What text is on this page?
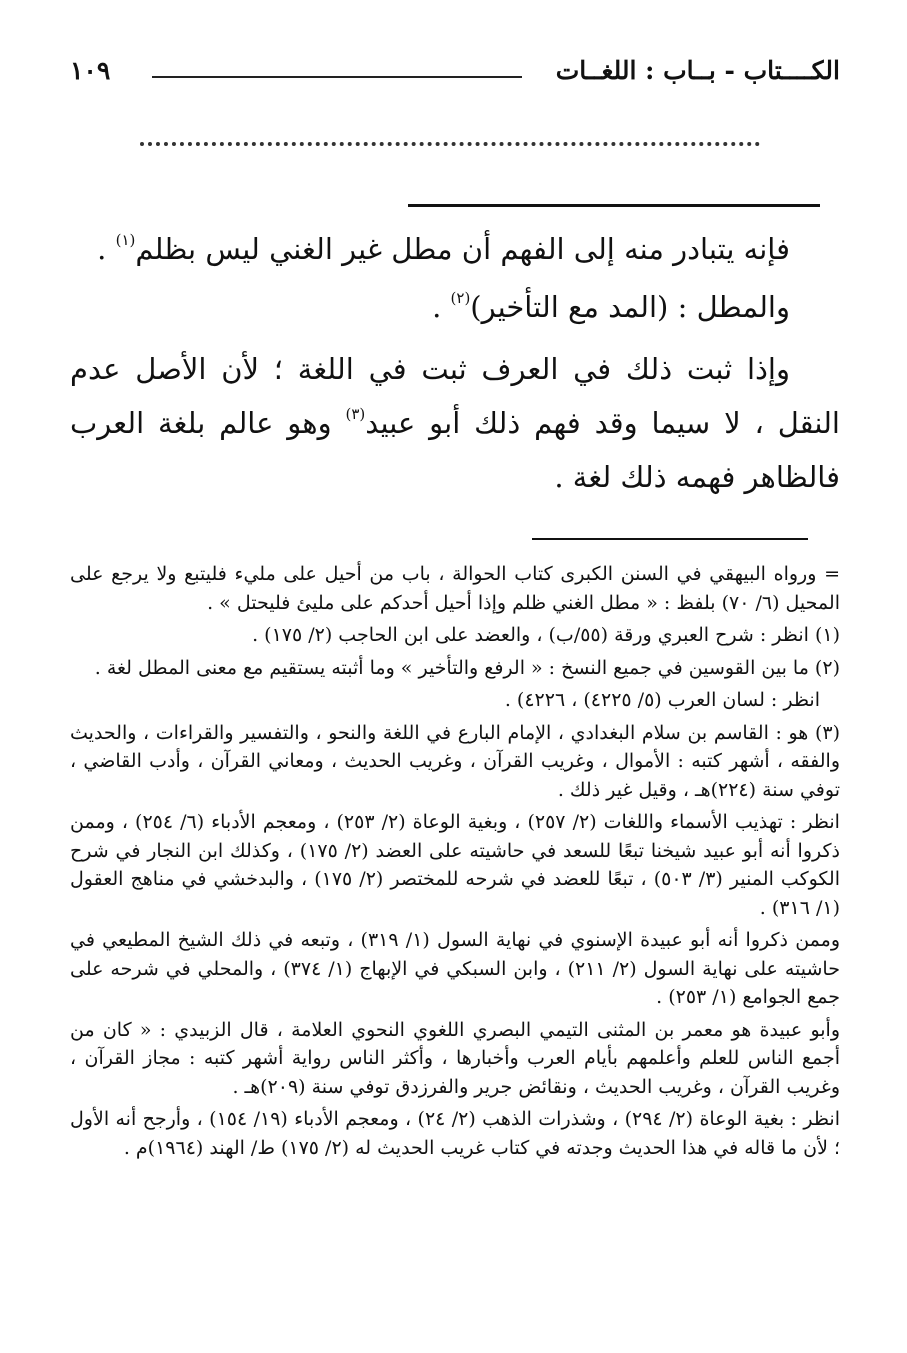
الكــــتاب - بــاب : اللغــات
١٠٩

فإنه يتبادر منه إلى الفهم أن مطل غير الغني ليس بظلم$^{(١)}$ .

والمطل : (المد مع التأخير)$^{(٢)}$ .

وإذا ثبت ذلك في العرف ثبت في اللغة ؛ لأن الأصل عدم النقل ، لا سيما وقد فهم ذلك أبو عبيد$^{(٣)}$ وهو عالم بلغة العرب فالظاهر فهمه ذلك لغة .

= ورواه البيهقي في السنن الكبرى كتاب الحوالة ، باب من أحيل على مليء فليتبع ولا يرجع على المحيل (٦/ ٧٠) بلفظ : « مطل الغني ظلم وإذا أحيل أحدكم على مليئ فليحتل » .

(١) انظر : شرح العبري ورقة (٥٥/ب) ، والعضد على ابن الحاجب (٢/ ١٧٥) .

(٢) ما بين القوسين في جميع النسخ : « الرفع والتأخير » وما أثبته يستقيم مع معنى المطل لغة .

انظر : لسان العرب (٥/ ٤٢٢٥) ، ٤٢٢٦) .

(٣) هو : القاسم بن سلام البغدادي ، الإمام البارع في اللغة والنحو ، والتفسير والقراءات ، والحديث والفقه ، أشهر كتبه : الأموال ، وغريب القرآن ، وغريب الحديث ، ومعاني القرآن ، وأدب القاضي ، توفي سنة (٢٢٤)هـ ، وقيل غير ذلك .

انظر : تهذيب الأسماء واللغات (٢/ ٢٥٧) ، وبغية الوعاة (٢/ ٢٥٣) ، ومعجم الأدباء (٦/ ٢٥٤) ، وممن ذكروا أنه أبو عبيد شيخنا تبعًا للسعد في حاشيته على العضد (٢/ ١٧٥) ، وكذلك ابن النجار في شرح الكوكب المنير (٣/ ٥٠٣) ، تبعًا للعضد في شرحه للمختصر (٢/ ١٧٥) ، والبدخشي في مناهج العقول (١/ ٣١٦) .

وممن ذكروا أنه أبو عبيدة الإسنوي في نهاية السول (١/ ٣١٩) ، وتبعه في ذلك الشيخ المطيعي في حاشيته على نهاية السول (٢/ ٢١١) ، وابن السبكي في الإبهاج (١/ ٣٧٤) ، والمحلي في شرحه على جمع الجوامع (١/ ٢٥٣) .

وأبو عبيدة هو معمر بن المثنى التيمي البصري اللغوي النحوي العلامة ، قال الزبيدي : « كان من أجمع الناس للعلم وأعلمهم بأيام العرب وأخبارها ، وأكثر الناس رواية أشهر كتبه : مجاز القرآن ، وغريب القرآن ، وغريب الحديث ، ونقائض جرير والفرزدق توفي سنة (٢٠٩)هـ .

انظر : بغية الوعاة (٢/ ٢٩٤) ، وشذرات الذهب (٢/ ٢٤) ، ومعجم الأدباء (١٩/ ١٥٤) ، وأرجح أنه الأول ؛ لأن ما قاله في هذا الحديث وجدته في كتاب غريب الحديث له (٢/ ١٧٥) ط/ الهند (١٩٦٤)م .
